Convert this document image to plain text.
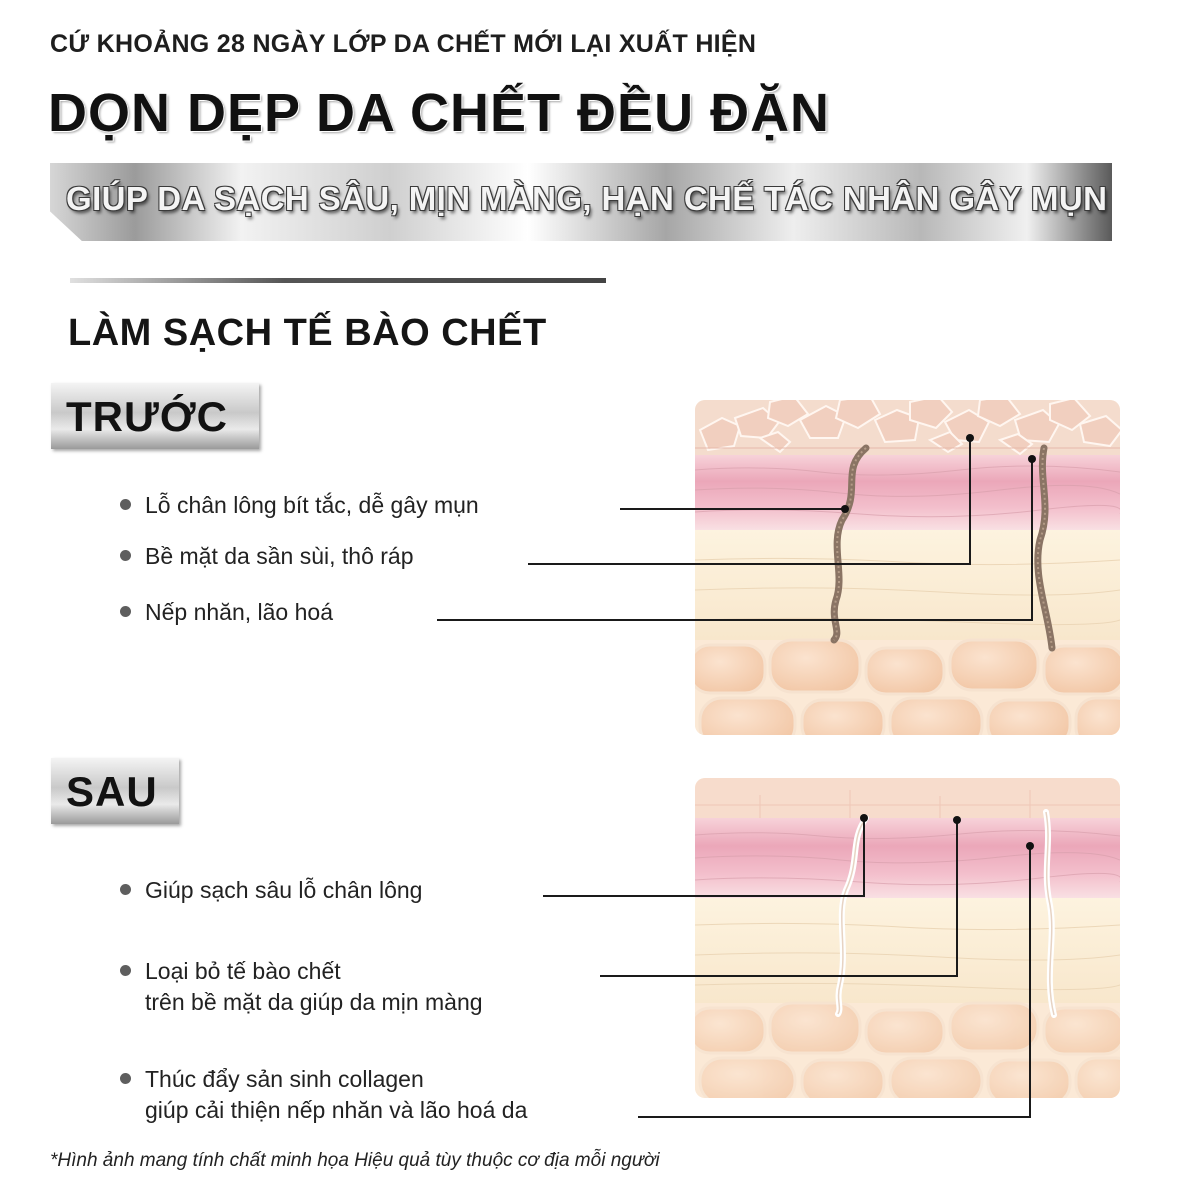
CỨ KHOẢNG 28 NGÀY LỚP DA CHẾT MỚI LẠI XUẤT HIỆN
DỌN DẸP DA CHẾT ĐỀU ĐẶN
GIÚP DA SẠCH SÂU, MỊN MÀNG, HẠN CHẾ TÁC NHÂN GÂY MỤN
LÀM SẠCH TẾ BÀO CHẾT
TRƯỚC
SAU
Lỗ chân lông bít tắc, dễ gây mụn
Bề mặt da sần sùi, thô ráp
Nếp nhăn, lão hoá
Giúp sạch sâu lỗ chân lông
Loại bỏ tế bào chết
trên bề mặt da giúp da mịn màng
Thúc đẩy sản sinh collagen
giúp cải thiện nếp nhăn và lão hoá da
*Hình ảnh mang tính chất minh họa Hiệu quả tùy thuộc cơ địa mỗi người
